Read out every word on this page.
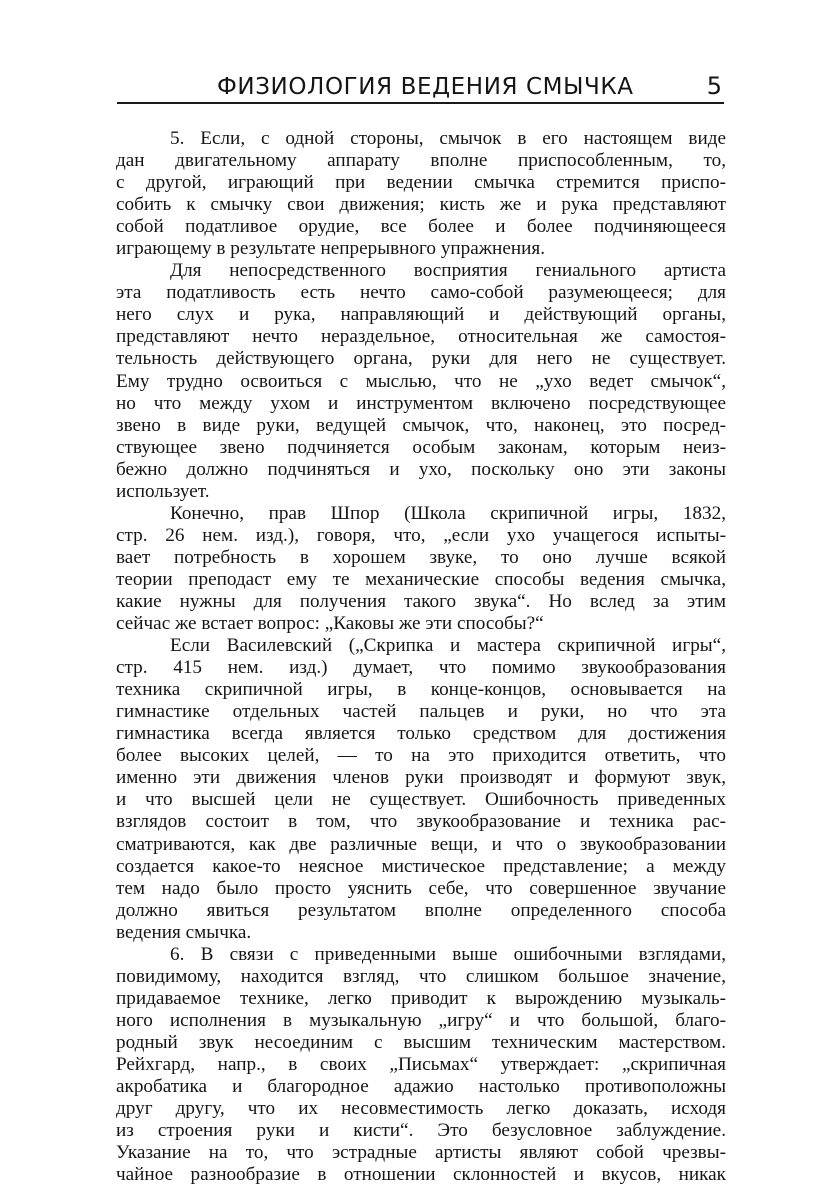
ФИЗИОЛОГИЯ ВЕДЕНИЯ СМЫЧКА	5
5. Если, с одной стороны, смычок в его настоящем виде
дан двигательному аппарату вполне приспособленным, то,
с другой, играющий при ведении смычка стремится приспо-
собить к смычку свои движения; кисть же и рука представляют
собой податливое орудие, все более и более подчиняющееся
играющему в результате непрерывного упражнения.
Для непосредственного восприятия гениального артиста
эта податливость есть нечто само-собой разумеющееся; для
него слух и рука, направляющий и действующий органы,
представляют нечто нераздельное, относительная же самостоя-
тельность действующего органа, руки для него не существует.
Ему трудно освоиться с мыслью, что не „ухо ведет смычок“,
но что между ухом и инструментом включено посредствующее
звено в виде руки, ведущей смычок, что, наконец, это посред-
ствующее звено подчиняется особым законам, которым неиз-
бежно должно подчиняться и ухо, поскольку оно эти законы
использует.
Конечно, прав Шпор (Школа скрипичной игры, 1832,
стр. 26 нем. изд.), говоря, что, „если ухо учащегося испыты-
вает потребность в хорошем звуке, то оно лучше всякой
теории преподаст ему те механические способы ведения смычка,
какие нужны для получения такого звука“. Но вслед за этим
сейчас же встает вопрос: „Каковы же эти способы?“
Если Василевский („Скрипка и мастера скрипичной игры“,
стр. 415 нем. изд.) думает, что помимо звукообразования
техника скрипичной игры, в конце-концов, основывается на
гимнастике отдельных частей пальцев и руки, но что эта
гимнастика всегда является только средством для достижения
более высоких целей, — то на это приходится ответить, что
именно эти движения членов руки производят и формуют звук,
и что высшей цели не существует. Ошибочность приведенных
взглядов состоит в том, что звукообразование и техника рас-
сматриваются, как две различные вещи, и что о звукообразовании
создается какое-то неясное мистическое представление; а между
тем надо было просто уяснить себе, что совершенное звучание
должно явиться результатом вполне определенного способа
ведения смычка.
6. В связи с приведенными выше ошибочными взглядами,
повидимому, находится взгляд, что слишком большое значение,
придаваемое технике, легко приводит к вырождению музыкаль-
ного исполнения в музыкальную „игру“ и что большой, благо-
родный звук несоединим с высшим техническим мастерством.
Рейхгард, напр., в своих „Письмах“ утверждает: „скрипичная
акробатика и благородное адажио настолько противоположны
друг другу, что их несовместимость легко доказать, исходя
из строения руки и кисти“. Это безусловное заблуждение.
Указание на то, что эстрадные артисты являют собой чрезвы-
чайное разнообразие в отношении склонностей и вкусов, никак
